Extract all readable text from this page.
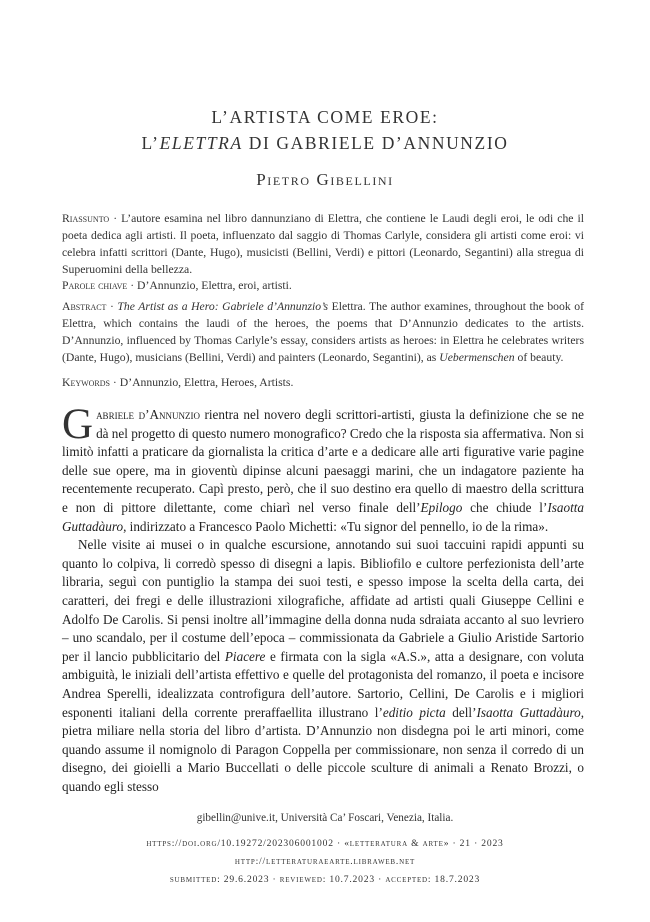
L’ARTISTA COME EROE:
L’ELETTRA DI GABRIELE D’ANNUNZIO
Pietro Gibellini
Riassunto · L’autore esamina nel libro dannunziano di Elettra, che contiene le Laudi degli eroi, le odi che il poeta dedica agli artisti. Il poeta, influenzato dal saggio di Thomas Carlyle, considera gli artisti come eroi: vi celebra infatti scrittori (Dante, Hugo), musicisti (Bellini, Verdi) e pittori (Leonardo, Segantini) alla stregua di Superuomini della bellezza.
Parole chiave · D’Annunzio, Elettra, eroi, artisti.
Abstract · The Artist as a Hero: Gabriele d’Annunzio’s Elettra. The author examines, throughout the book of Elettra, which contains the laudi of the heroes, the poems that D’Annunzio dedicates to the artists. D’Annunzio, influenced by Thomas Carlyle’s essay, considers artists as heroes: in Elettra he celebrates writers (Dante, Hugo), musicians (Bellini, Verdi) and painters (Leonardo, Segantini), as Uebermenschen of beauty.
Keywords · D’Annunzio, Elettra, Heroes, Artists.

Gabriele d’Annunzio rientra nel novero degli scrittori-artisti, giusta la definizione che se ne dà nel progetto di questo numero monografico? Credo che la risposta sia affermativa. Non si limitò infatti a praticare da giornalista la critica d’arte e a dedicare alle arti figurative varie pagine delle sue opere, ma in gioventù dipinse alcuni paesaggi marini, che un indagatore paziente ha recentemente recuperato. Capì presto, però, che il suo destino era quello di maestro della scrittura e non di pittore dilettante, come chiarì nel verso finale dell’Epilogo che chiude l’Isaotta Guttadàuro, indirizzato a Francesco Paolo Michetti: «Tu signor del pennello, io de la rima».

Nelle visite ai musei o in qualche escursione, annotando sui suoi taccuini rapidi appunti su quanto lo colpiva, li corredò spesso di disegni a lapis. Bibliofilo e cultore perfezionista dell’arte libraria, seguì con puntiglio la stampa dei suoi testi, e spesso impose la scelta della carta, dei caratteri, dei fregi e delle illustrazioni xilografiche, affidate ad artisti quali Giuseppe Cellini e Adolfo De Carolis. Si pensi inoltre all’immagine della donna nuda sdraiata accanto al suo levriero – uno scandalo, per il costume dell’epoca – commissionata da Gabriele a Giulio Aristide Sartorio per il lancio pubblicitario del Piacere e firmata con la sigla «A.S.», atta a designare, con voluta ambiguità, le iniziali dell’artista effettivo e quelle del protagonista del romanzo, il poeta e incisore Andrea Sperelli, idealizzata controfigura dell’autore. Sartorio, Cellini, De Carolis e i migliori esponenti italiani della corrente preraffaellita illustrano l’editio picta dell’Isaotta Guttadàuro, pietra miliare nella storia del libro d’artista. D’Annunzio non disdegna poi le arti minori, come quando assume il nomignolo di Paragon Coppella per commissionare, non senza il corredo di un disegno, dei gioielli a Mario Buccellati o delle piccole sculture di animali a Renato Brozzi, o quando egli stesso

gibellin@unive.it, Università Ca’ Foscari, Venezia, Italia.
https://doi.org/10.19272/202306001002 · «letteratura & arte» · 21 · 2023
http://letteraturaearte.libraweb.net
submitted: 29.6.2023 · reviewed: 10.7.2023 · accepted: 18.7.2023
